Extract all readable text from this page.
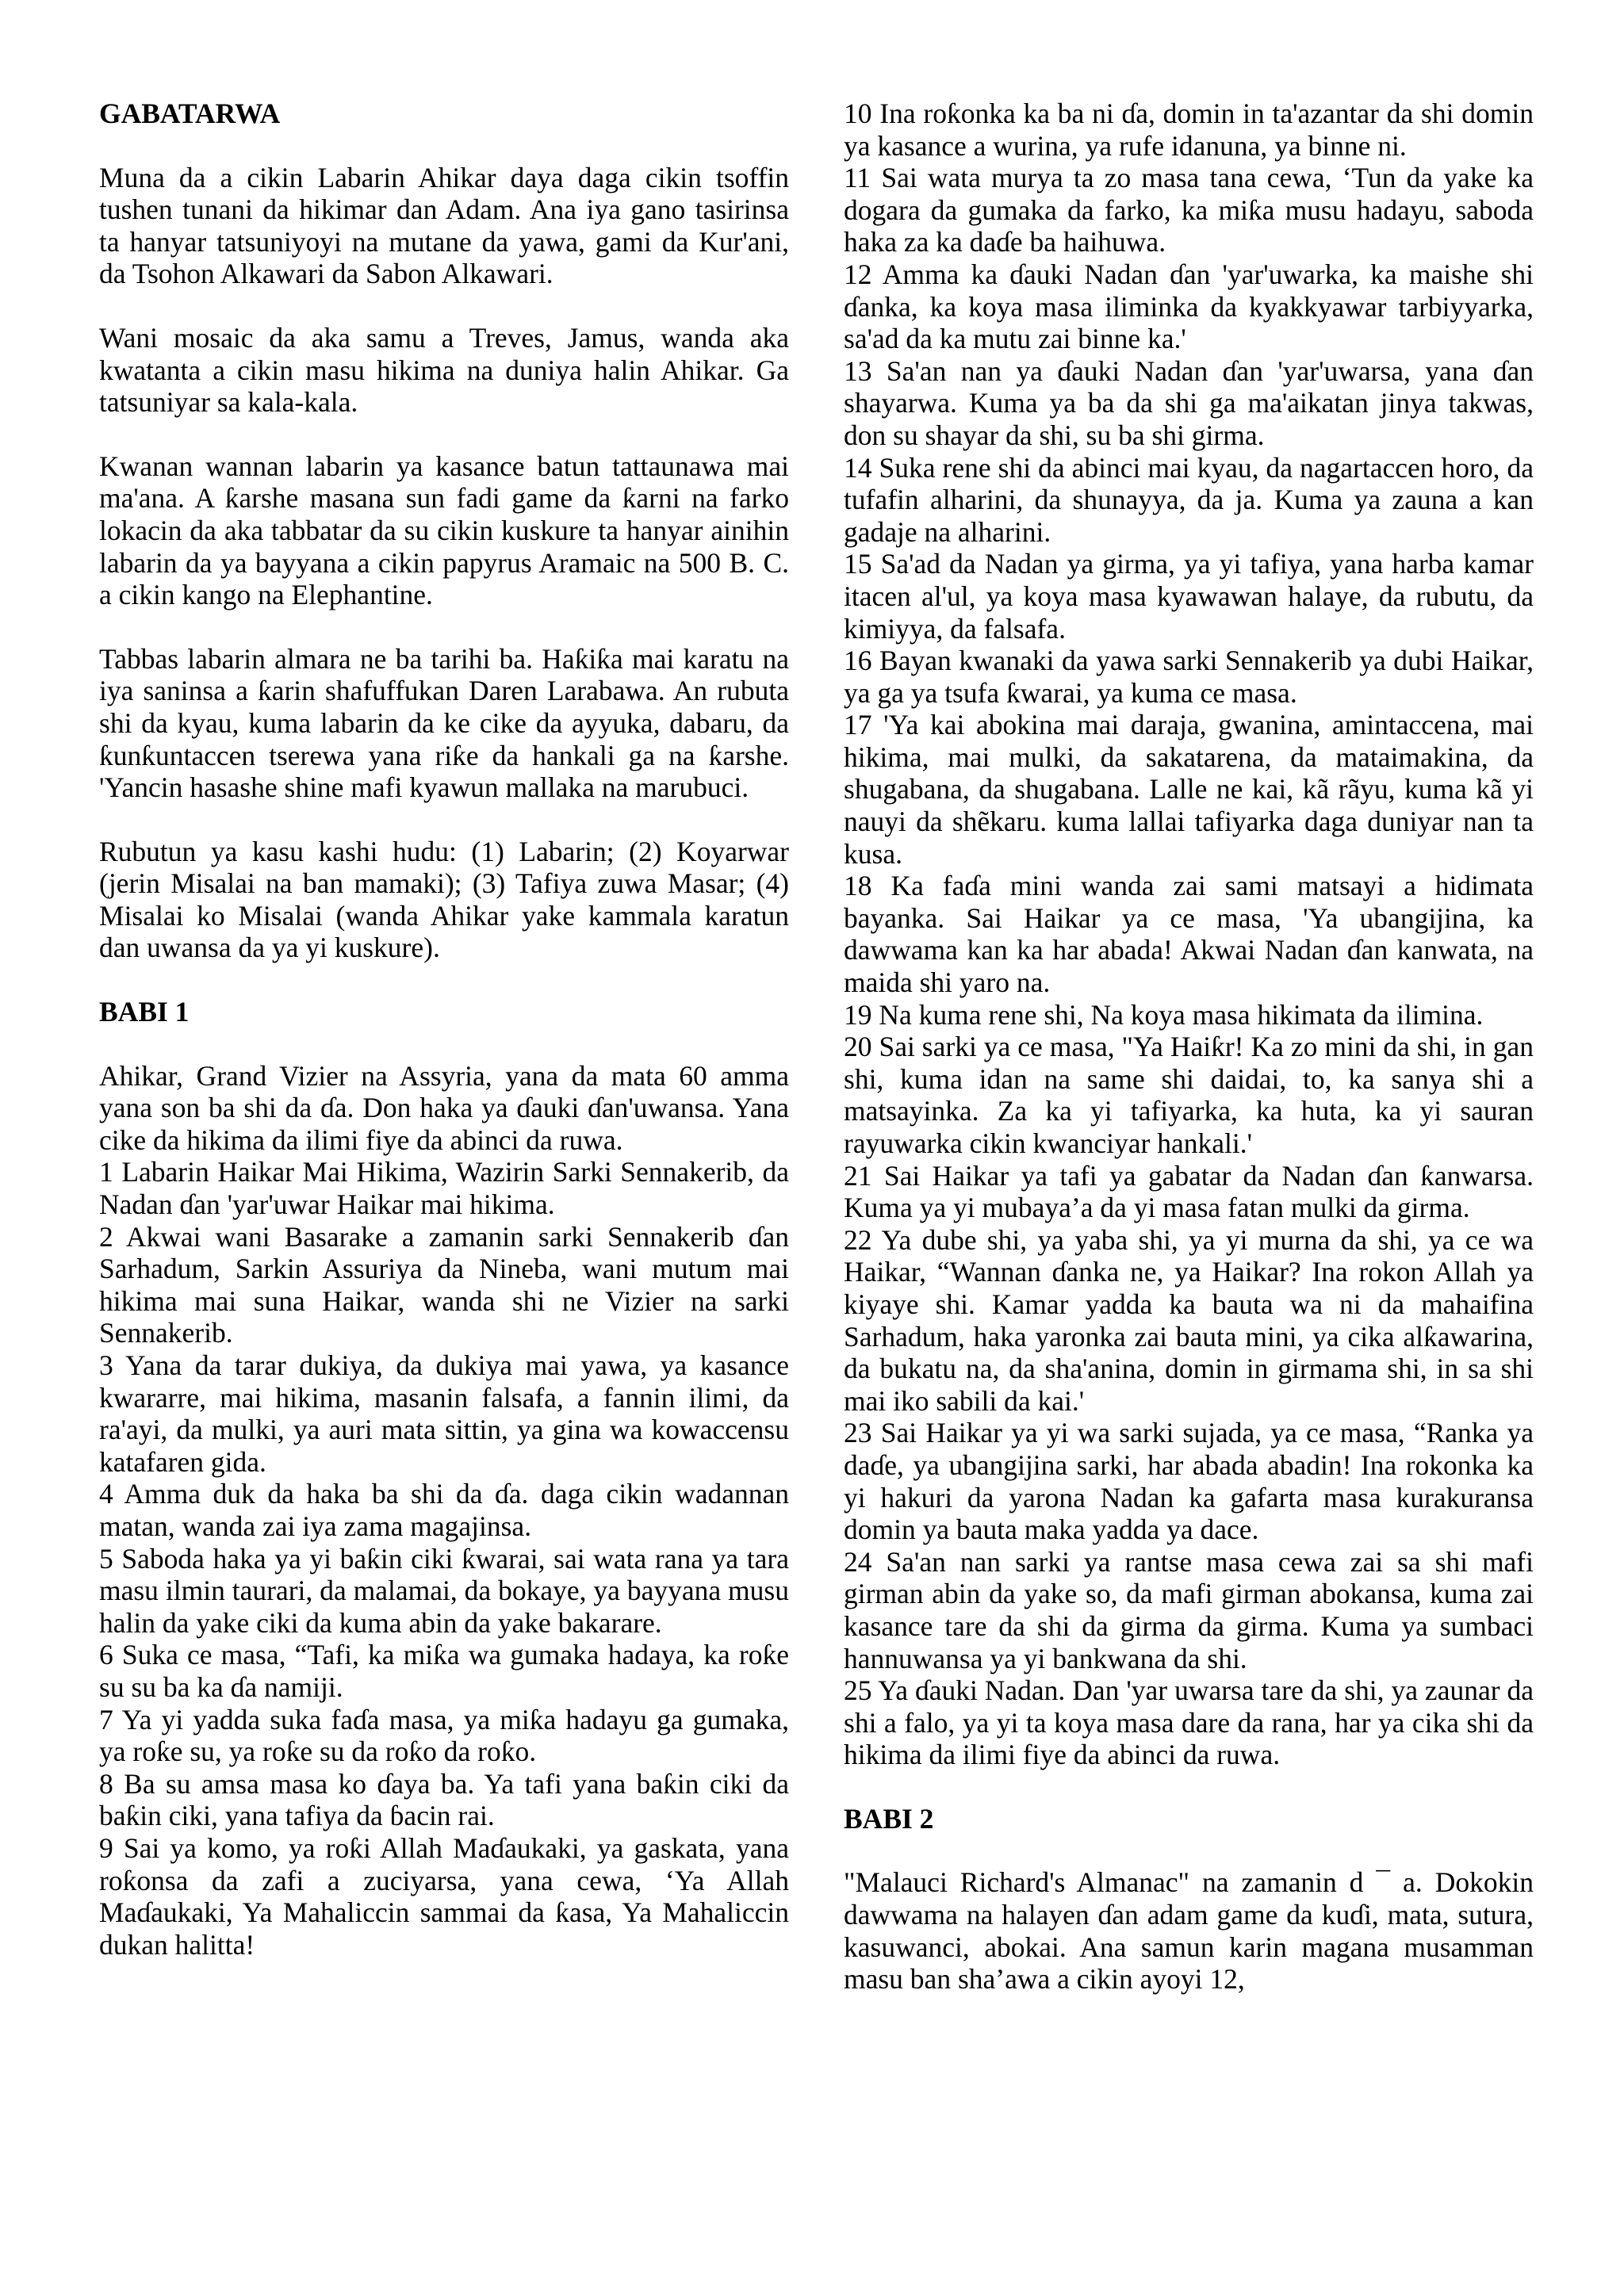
GABATARWA

Muna da a cikin Labarin Ahikar daya daga cikin tsoffin tushen tunani da hikimar dan Adam. Ana iya gano tasirinsa ta hanyar tatsuniyoyi na mutane da yawa, gami da Kur'ani, da Tsohon Alkawari da Sabon Alkawari.

Wani mosaic da aka samu a Treves, Jamus, wanda aka kwatanta a cikin masu hikima na duniya halin Ahikar. Ga tatsuniyar sa kala-kala.

Kwanan wannan labarin ya kasance batun tattaunawa mai ma'ana. A ƙarshe masana sun fadi game da ƙarni na farko lokacin da aka tabbatar da su cikin kuskure ta hanyar ainihin labarin da ya bayyana a cikin papyrus Aramaic na 500 B. C. a cikin kango na Elephantine.

Tabbas labarin almara ne ba tarihi ba. Haƙiƙa mai karatu na iya saninsa a ƙarin shafuffukan Daren Larabawa. An rubuta shi da kyau, kuma labarin da ke cike da ayyuka, dabaru, da ƙunƙuntaccen tserewa yana riƙe da hankali ga na ƙarshe. 'Yancin hasashe shine mafi kyawun mallaka na marubuci.

Rubutun ya kasu kashi hudu: (1) Labarin; (2) Koyarwar (jerin Misalai na ban mamaki); (3) Tafiya zuwa Masar; (4) Misalai ko Misalai (wanda Ahikar yake kammala karatun dan uwansa da ya yi kuskure).

BABI 1

Ahikar, Grand Vizier na Assyria, yana da mata 60 amma yana son ba shi da ɗa. Don haka ya ɗauki ɗan'uwansa. Yana cike da hikima da ilimi fiye da abinci da ruwa.

1 Labarin Haikar Mai Hikima, Wazirin Sarki Sennakerib, da Nadan ɗan 'yar'uwar Haikar mai hikima.

2 Akwai wani Basarake a zamanin sarki Sennakerib ɗan Sarhadum, Sarkin Assuriya da Nineba, wani mutum mai hikima mai suna Haikar, wanda shi ne Vizier na sarki Sennakerib.

3 Yana da tarar dukiya, da dukiya mai yawa, ya kasance kwararre, mai hikima, masanin falsafa, a fannin ilimi, da ra'ayi, da mulki, ya auri mata sittin, ya gina wa kowaccensu katafaren gida.

4 Amma duk da haka ba shi da ɗa. daga cikin wadannan matan, wanda zai iya zama magajinsa.

5 Saboda haka ya yi baƙin ciki ƙwarai, sai wata rana ya tara masu ilmin taurari, da malamai, da bokaye, ya bayyana musu halin da yake ciki da kuma abin da yake bakarare.

6 Suka ce masa, “Tafi, ka miƙa wa gumaka hadaya, ka roƙe su su ba ka ɗa namiji.

7 Ya yi yadda suka faɗa masa, ya miƙa hadayu ga gumaka, ya roƙe su, ya roƙe su da roƙo da roƙo.

8 Ba su amsa masa ko ɗaya ba. Ya tafi yana baƙin ciki da baƙin ciki, yana tafiya da ɓacin rai.

9 Sai ya komo, ya roƙi Allah Maɗaukaki, ya gaskata, yana roƙonsa da zafi a zuciyarsa, yana cewa, ‘Ya Allah Maɗaukaki, Ya Mahaliccin sammai da ƙasa, Ya Mahaliccin dukan halitta!

10 Ina roƙonka ka ba ni ɗa, domin in ta'azantar da shi domin ya kasance a wurina, ya rufe idanuna, ya binne ni.

11 Sai wata murya ta zo masa tana cewa, ‘Tun da yake ka dogara da gumaka da farko, ka miƙa musu hadayu, saboda haka za ka daɗe ba haihuwa.

12 Amma ka ɗauki Nadan ɗan 'yar'uwarka, ka maishe shi ɗanka, ka koya masa iliminka da kyakkyawar tarbiyyarka, sa'ad da ka mutu zai binne ka.'

13 Sa'an nan ya ɗauki Nadan ɗan 'yar'uwarsa, yana ɗan shayarwa. Kuma ya ba da shi ga ma'aikatan jinya takwas, don su shayar da shi, su ba shi girma.

14 Suka rene shi da abinci mai kyau, da nagartaccen horo, da tufafin alharini, da shunayya, da ja. Kuma ya zauna a kan gadaje na alharini.

15 Sa'ad da Nadan ya girma, ya yi tafiya, yana harba kamar itacen al'ul, ya koya masa kyawawan halaye, da rubutu, da kimiyya, da falsafa.

16 Bayan kwanaki da yawa sarki Sennakerib ya dubi Haikar, ya ga ya tsufa ƙwarai, ya kuma ce masa.

17 'Ya kai abokina mai daraja, gwanina, amintaccena, mai hikima, mai mulki, da sakatarena, da mataimakina, da shugabana, da shugabana. Lalle ne kai, kã rãyu, kuma kã yi nauyi da shẽkaru. kuma lallai tafiyarka daga duniyar nan ta kusa.

18 Ka faɗa mini wanda zai sami matsayi a hidimata bayanka. Sai Haikar ya ce masa, 'Ya ubangijina, ka dawwama kan ka har abada! Akwai Nadan ɗan kanwata, na maida shi yaro na.

19 Na kuma rene shi, Na koya masa hikimata da ilimina.

20 Sai sarki ya ce masa, "Ya Haiƙr! Ka zo mini da shi, in gan shi, kuma idan na same shi daidai, to, ka sanya shi a matsayinka. Za ka yi tafiyarka, ka huta, ka yi sauran rayuwarka cikin kwanciyar hankali.'

21 Sai Haikar ya tafi ya gabatar da Nadan ɗan ƙanwarsa. Kuma ya yi mubaya’a da yi masa fatan mulki da girma.

22 Ya dube shi, ya yaba shi, ya yi murna da shi, ya ce wa Haikar, “Wannan ɗanka ne, ya Haikar? Ina rokon Allah ya kiyaye shi. Kamar yadda ka bauta wa ni da mahaifina Sarhadum, haka yaronka zai bauta mini, ya cika alƙawarina, da bukatu na, da sha'anina, domin in girmama shi, in sa shi mai iko sabili da kai.'

23 Sai Haikar ya yi wa sarki sujada, ya ce masa, “Ranka ya daɗe, ya ubangijina sarki, har abada abadin! Ina rokonka ka yi hakuri da yarona Nadan ka gafarta masa kurakuransa domin ya bauta maka yadda ya dace.

24 Sa'an nan sarki ya rantse masa cewa zai sa shi mafi girman abin da yake so, da mafi girman abokansa, kuma zai kasance tare da shi da girma da girma. Kuma ya sumbaci hannuwansa ya yi bankwana da shi.

25 Ya ɗauki Nadan. Dan 'yar uwarsa tare da shi, ya zaunar da shi a falo, ya yi ta koya masa dare da rana, har ya cika shi da hikima da ilimi fiye da abinci da ruwa.

BABI 2

"Malauci Richard's Almanac" na zamanin d ¯ a. Dokokin dawwama na halayen ɗan adam game da kuɗi, mata, sutura, kasuwanci, abokai. Ana samun karin magana musamman masu ban sha’awa a cikin ayoyi 12,
